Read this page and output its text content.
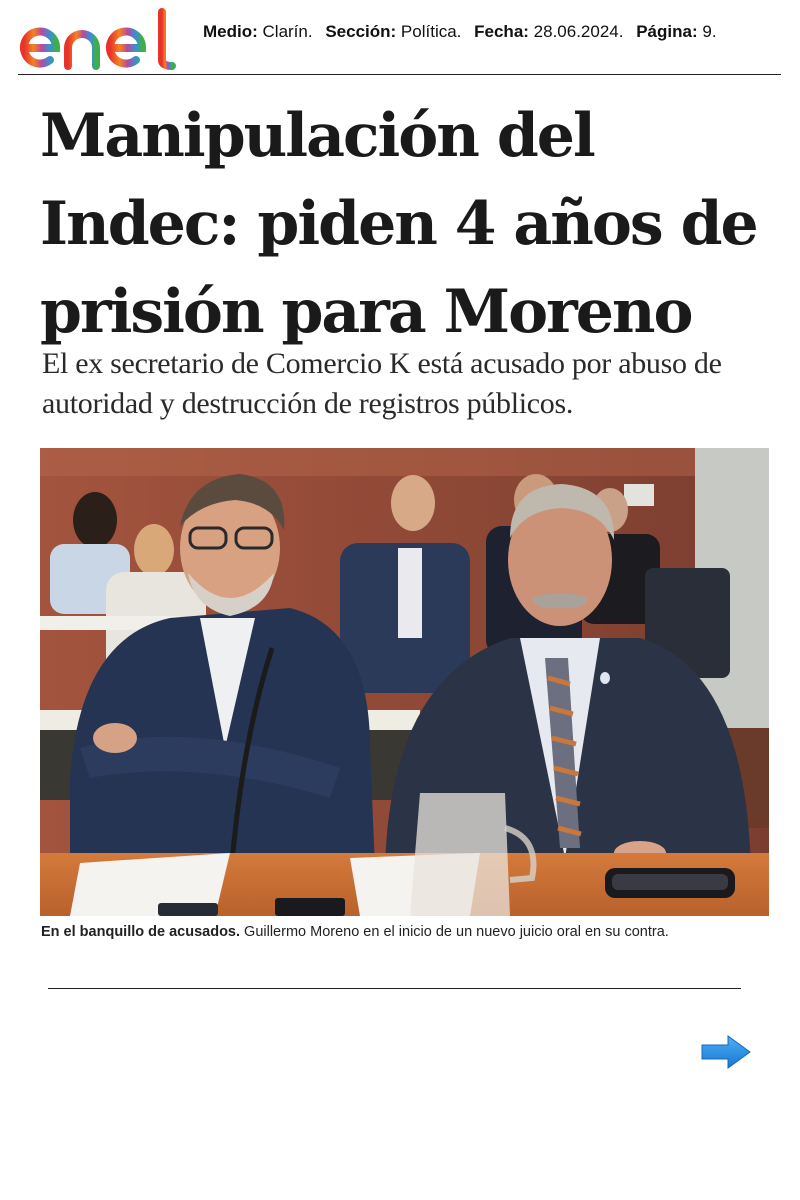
Medio: Clarín. Sección: Política. Fecha: 28.06.2024. Página: 9.
Manipulación del Indec: piden 4 años de prisión para Moreno

El ex secretario de Comercio K está acusado por abuso de autoridad y destrucción de registros públicos.

En el banquillo de acusados. Guillermo Moreno en el inicio de un nuevo juicio oral en su contra.
